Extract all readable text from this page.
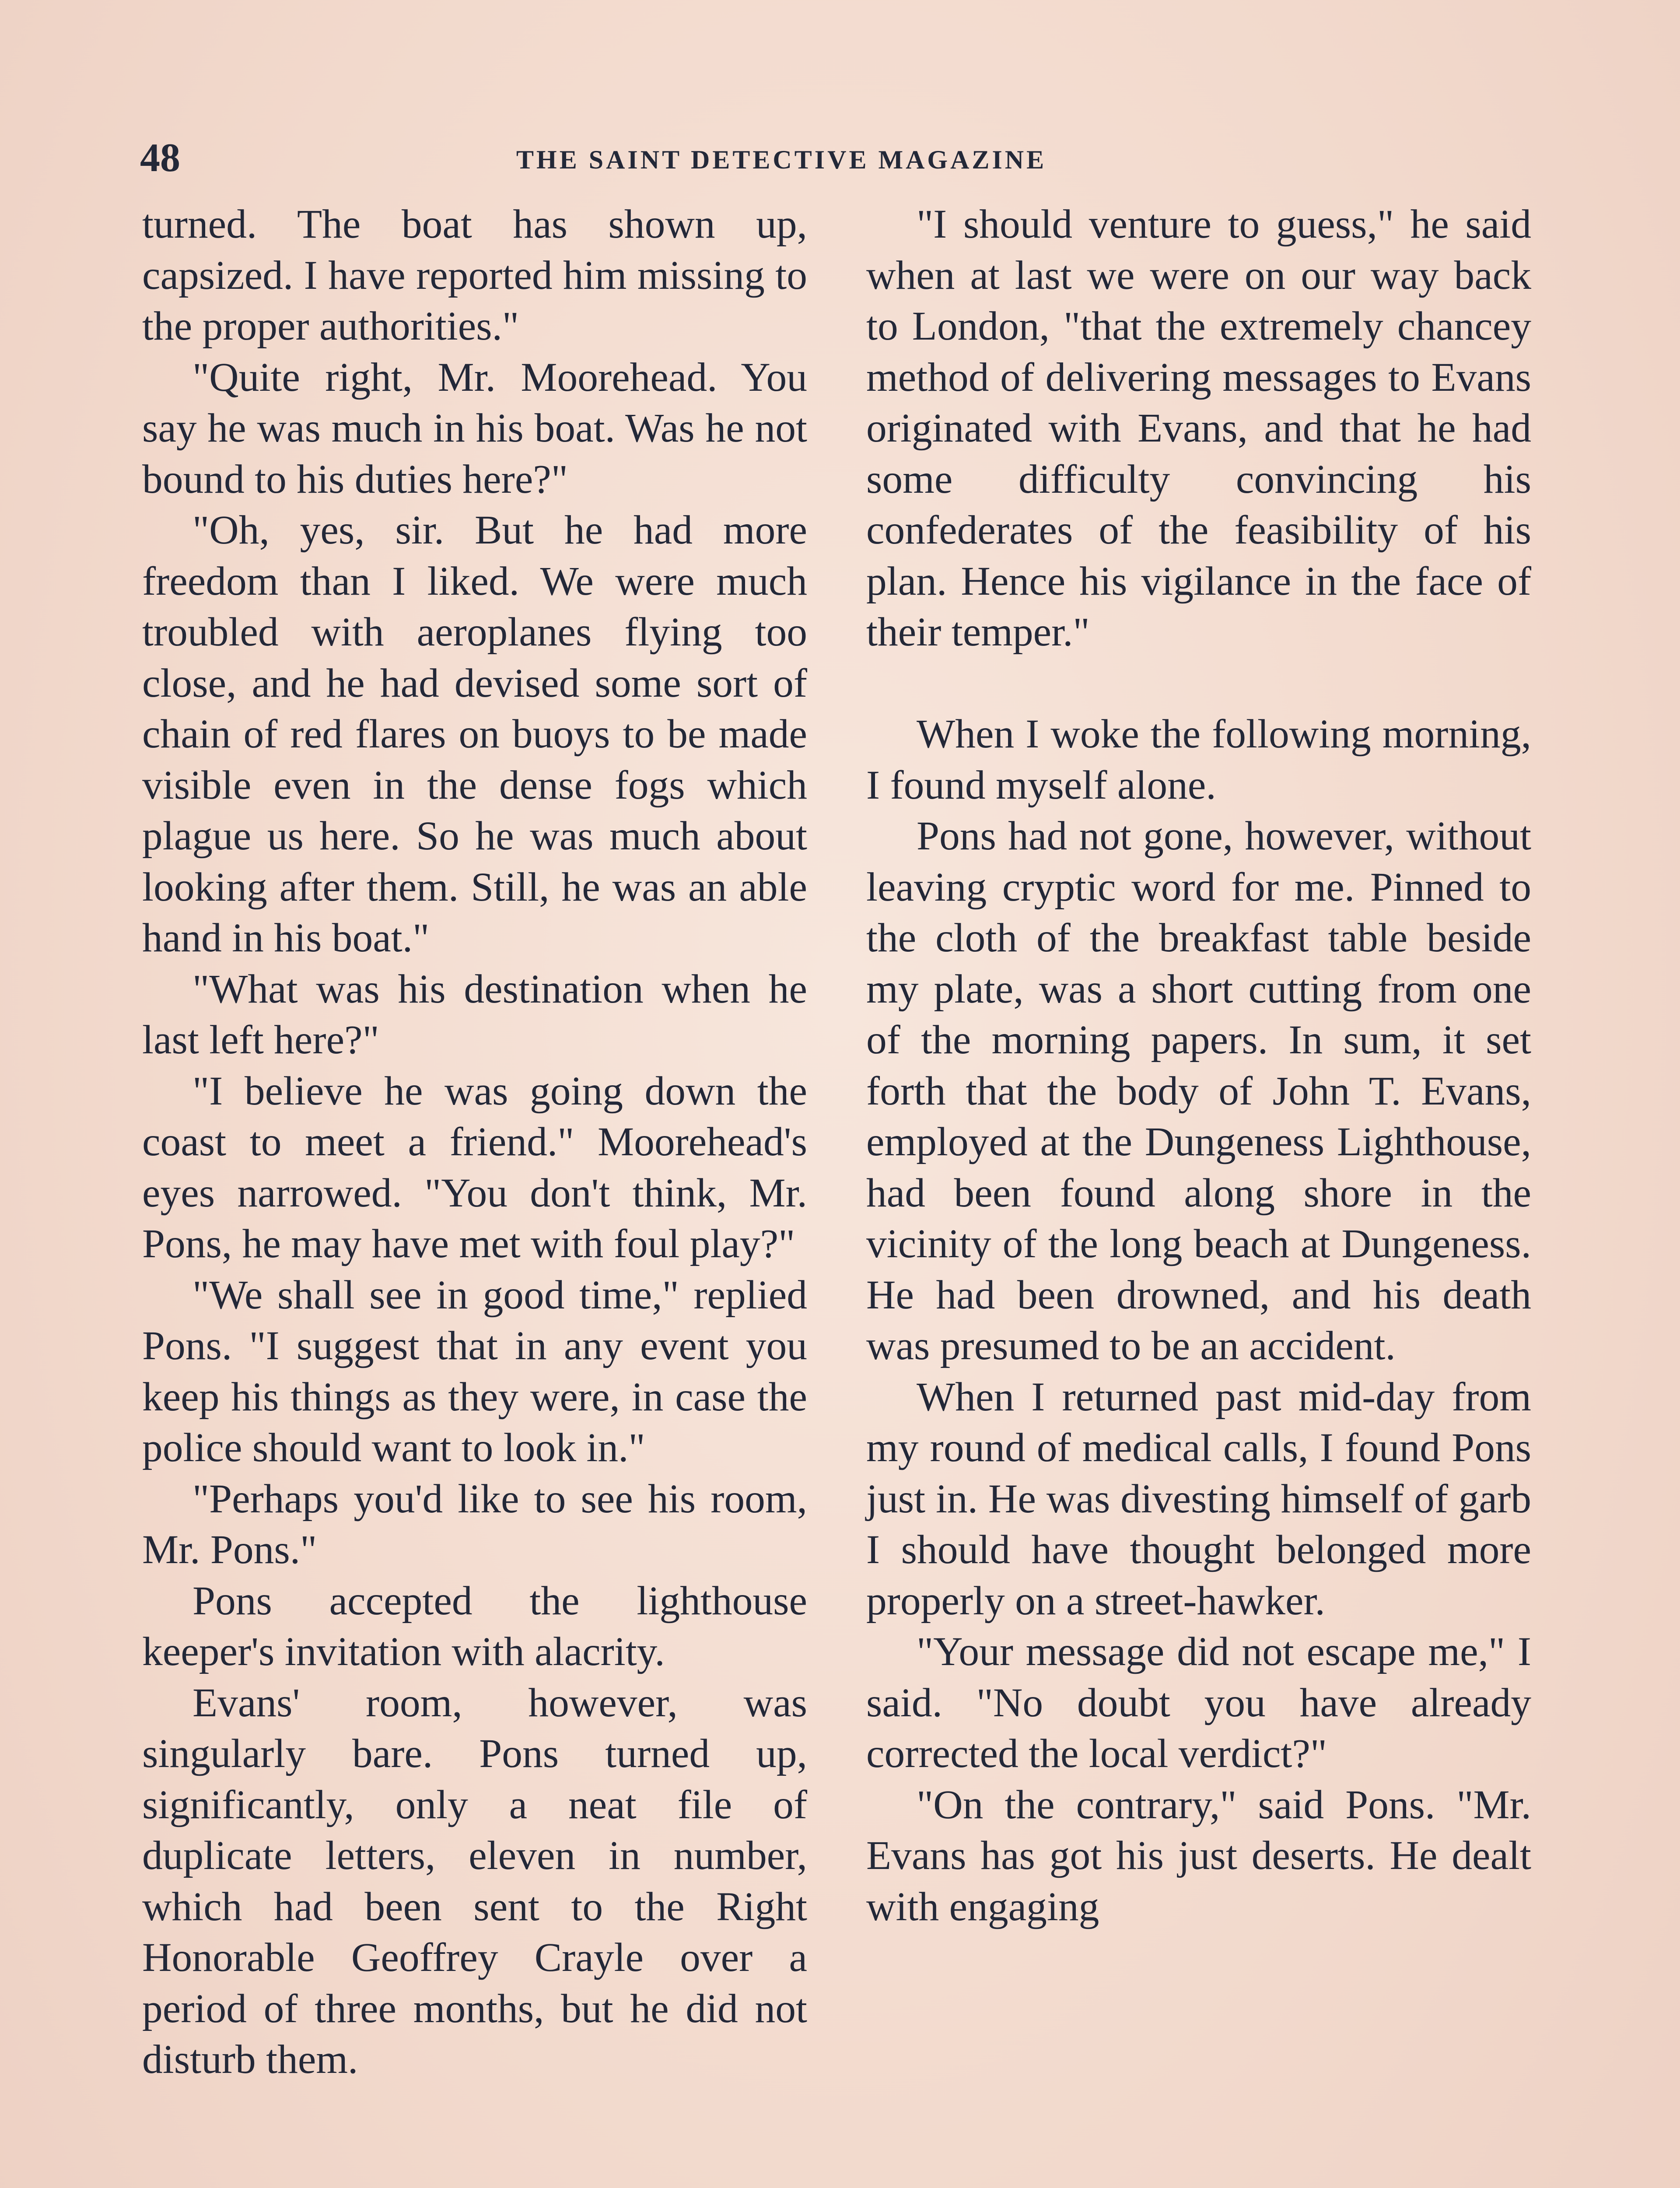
48	THE SAINT DETECTIVE MAGAZINE

turned. The boat has shown up, capsized. I have reported him missing to the proper authorities."

"Quite right, Mr. Moorehead. You say he was much in his boat. Was he not bound to his duties here?"

"Oh, yes, sir. But he had more freedom than I liked. We were much troubled with aeroplanes flying too close, and he had devised some sort of chain of red flares on buoys to be made visible even in the dense fogs which plague us here. So he was much about looking after them. Still, he was an able hand in his boat."

"What was his destination when he last left here?"

"I believe he was going down the coast to meet a friend." Moorehead's eyes narrowed. "You don't think, Mr. Pons, he may have met with foul play?"

"We shall see in good time," replied Pons. "I suggest that in any event you keep his things as they were, in case the police should want to look in."

"Perhaps you'd like to see his room, Mr. Pons."

Pons accepted the lighthouse keeper's invitation with alacrity.

Evans' room, however, was singularly bare. Pons turned up, significantly, only a neat file of duplicate letters, eleven in number, which had been sent to the Right Honorable Geoffrey Crayle over a period of three months, but he did not disturb them.

"I should venture to guess," he said when at last we were on our way back to London, "that the extremely chancey method of delivering messages to Evans originated with Evans, and that he had some difficulty convincing his confederates of the feasibility of his plan. Hence his vigilance in the face of their temper."

When I woke the following morning, I found myself alone.

Pons had not gone, however, without leaving cryptic word for me. Pinned to the cloth of the breakfast table beside my plate, was a short cutting from one of the morning papers. In sum, it set forth that the body of John T. Evans, employed at the Dungeness Lighthouse, had been found along shore in the vicinity of the long beach at Dungeness. He had been drowned, and his death was presumed to be an accident.

When I returned past mid-day from my round of medical calls, I found Pons just in. He was divesting himself of garb I should have thought belonged more properly on a street-hawker.

"Your message did not escape me," I said. "No doubt you have already corrected the local verdict?"

"On the contrary," said Pons. "Mr. Evans has got his just deserts. He dealt with engaging
